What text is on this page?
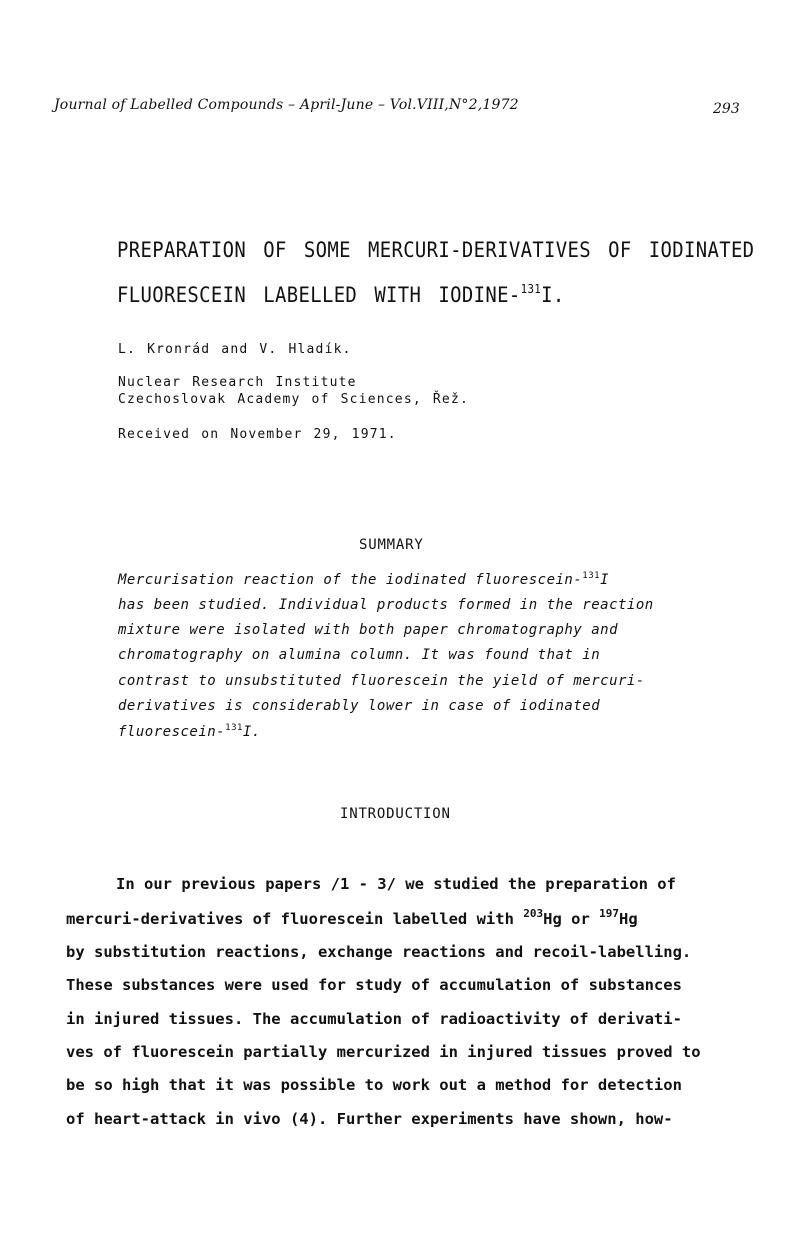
Journal of Labelled Compounds – April-June – Vol.VIII,N°2,1972	293
PREPARATION OF SOME MERCURI-DERIVATIVES OF IODINATED
FLUORESCEIN LABELLED WITH IODINE-$^{131}$I.
L. Kronrád and V. Hladík.
Nuclear Research Institute
Czechoslovak Academy of Sciences, Řež.
Received on November 29, 1971.
SUMMARY
Mercurisation reaction of the iodinated fluorescein-$^{131}$I
has been studied. Individual products formed in the reaction
mixture were isolated with both paper chromatography and
chromatography on alumina column. It was found that in
contrast to unsubstituted fluorescein the yield of mercuri-
derivatives is considerably lower in case of iodinated
fluorescein-$^{131}$I.
INTRODUCTION
In our previous papers /1 - 3/ we studied the preparation of
mercuri-derivatives of fluorescein labelled with $^{203}$Hg or $^{197}$Hg
by substitution reactions, exchange reactions and recoil-labelling.
These substances were used for study of accumulation of substances
in injured tissues. The accumulation of radioactivity of derivati-
ves of fluorescein partially mercurized in injured tissues proved to
be so high that it was possible to work out a method for detection
of heart-attack in vivo (4). Further experiments have shown, how-
